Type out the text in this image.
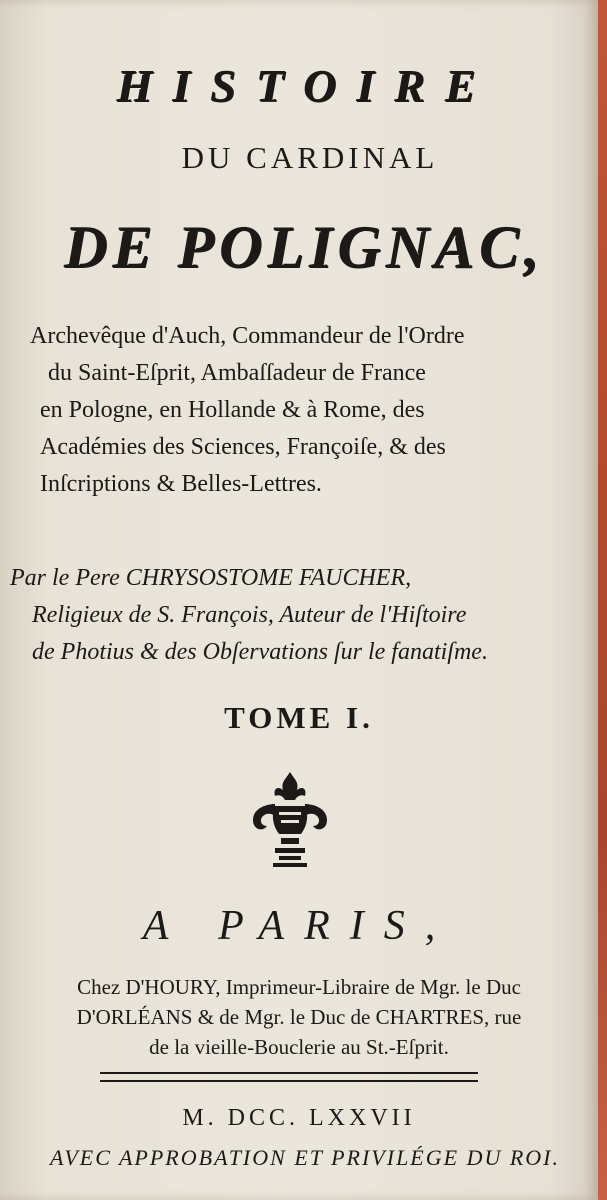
HISTOIRE
DU CARDINAL
DE POLIGNAC,
Archevêque d'Auch, Commandeur de l'Ordre
du Saint-Eſprit, Ambaſſadeur de France
en Pologne, en Hollande & à Rome, des
Académies des Sciences, Françoiſe, & des
Inſcriptions & Belles-Lettres.
Par le Pere CHRYSOSTOME FAUCHER,
Religieux de S. François, Auteur de l'Hiſtoire
de Photius & des Obſervations ſur le fanatiſme.
TOME I.
A PARIS,
Chez D'HOURY, Imprimeur-Libraire de Mgr. le Duc
D'ORLÉANS & de Mgr. le Duc de CHARTRES, rue
de la vieille-Bouclerie au St.-Eſprit.
M. DCC. LXXVII
AVEC APPROBATION ET PRIVILÉGE DU ROI.
